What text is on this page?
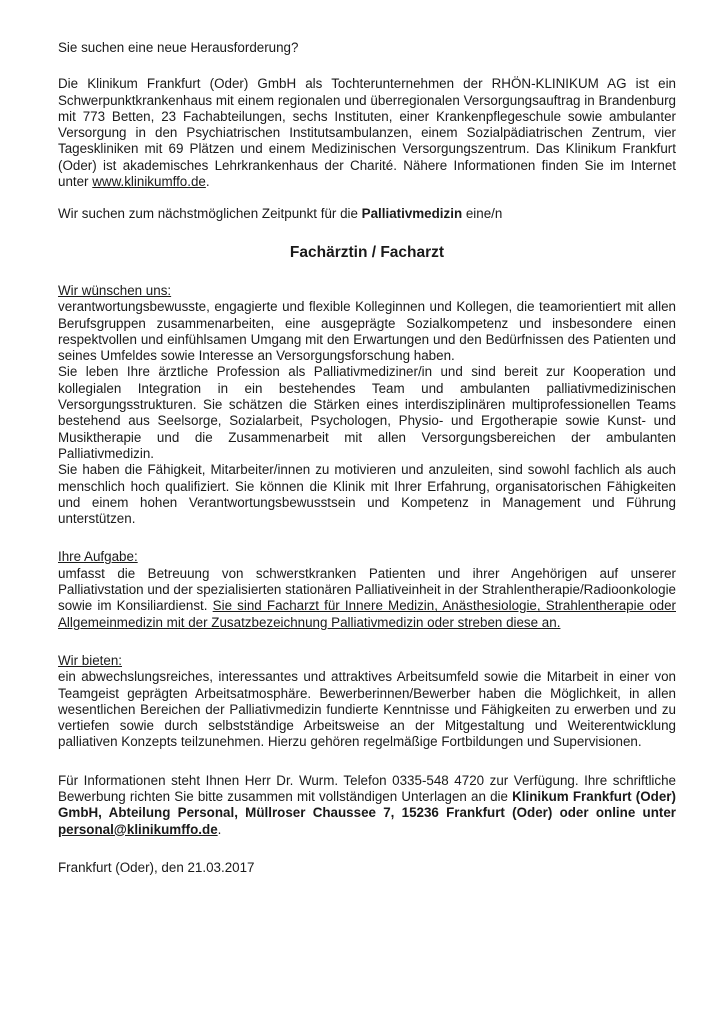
Sie suchen eine neue Herausforderung?

Die Klinikum Frankfurt (Oder) GmbH als Tochterunternehmen der RHÖN-KLINIKUM AG ist ein Schwerpunktkrankenhaus mit einem regionalen und überregionalen Versorgungsauftrag in Brandenburg mit 773 Betten, 23 Fachabteilungen, sechs Instituten, einer Krankenpflegeschule sowie ambulanter Versorgung in den Psychiatrischen Institutsambulanzen, einem Sozialpädiatrischen Zentrum, vier Tageskliniken mit 69 Plätzen und einem Medizinischen Versorgungszentrum. Das Klinikum Frankfurt (Oder) ist akademisches Lehrkrankenhaus der Charité. Nähere Informationen finden Sie im Internet unter www.klinikumffo.de.

Wir suchen zum nächstmöglichen Zeitpunkt für die Palliativmedizin eine/n

Fachärztin / Facharzt

Wir wünschen uns:

verantwortungsbewusste, engagierte und flexible Kolleginnen und Kollegen, die teamorientiert mit allen Berufsgruppen zusammenarbeiten, eine ausgeprägte Sozialkompetenz und insbesondere einen respektvollen und einfühlsamen Umgang mit den Erwartungen und den Bedürfnissen des Patienten und seines Umfeldes sowie Interesse an Versorgungsforschung haben.

Sie leben Ihre ärztliche Profession als Palliativmediziner/in und sind bereit zur Kooperation und kollegialen Integration in ein bestehendes Team und ambulanten palliativmedizinischen Versorgungsstrukturen. Sie schätzen die Stärken eines interdisziplinären multiprofessionellen Teams bestehend aus Seelsorge, Sozialarbeit, Psychologen, Physio- und Ergotherapie sowie Kunst- und Musiktherapie und die Zusammenarbeit mit allen Versorgungsbereichen der ambulanten Palliativmedizin.

Sie haben die Fähigkeit, Mitarbeiter/innen zu motivieren und anzuleiten, sind sowohl fachlich als auch menschlich hoch qualifiziert. Sie können die Klinik mit Ihrer Erfahrung, organisatorischen Fähigkeiten und einem hohen Verantwortungsbewusstsein und Kompetenz in Management und Führung unterstützen.

Ihre Aufgabe:

umfasst die Betreuung von schwerstkranken Patienten und ihrer Angehörigen auf unserer Palliativstation und der spezialisierten stationären Palliativeinheit in der Strahlentherapie/Radioonkologie sowie im Konsiliardienst. Sie sind Facharzt für Innere Medizin, Anästhesiologie, Strahlentherapie oder Allgemeinmedizin mit der Zusatzbezeichnung Palliativmedizin oder streben diese an.

Wir bieten:

ein abwechslungsreiches, interessantes und attraktives Arbeitsumfeld sowie die Mitarbeit in einer von Teamgeist geprägten Arbeitsatmosphäre. Bewerberinnen/Bewerber haben die Möglichkeit, in allen wesentlichen Bereichen der Palliativmedizin fundierte Kenntnisse und Fähigkeiten zu erwerben und zu vertiefen sowie durch selbstständige Arbeitsweise an der Mitgestaltung und Weiterentwicklung palliativen Konzepts teilzunehmen. Hierzu gehören regelmäßige Fortbildungen und Supervisionen.

Für Informationen steht Ihnen Herr Dr. Wurm. Telefon 0335-548 4720 zur Verfügung. Ihre schriftliche Bewerbung richten Sie bitte zusammen mit vollständigen Unterlagen an die Klinikum Frankfurt (Oder) GmbH, Abteilung Personal, Müllroser Chaussee 7, 15236 Frankfurt (Oder) oder online unter personal@klinikumffo.de.

Frankfurt (Oder), den 21.03.2017
